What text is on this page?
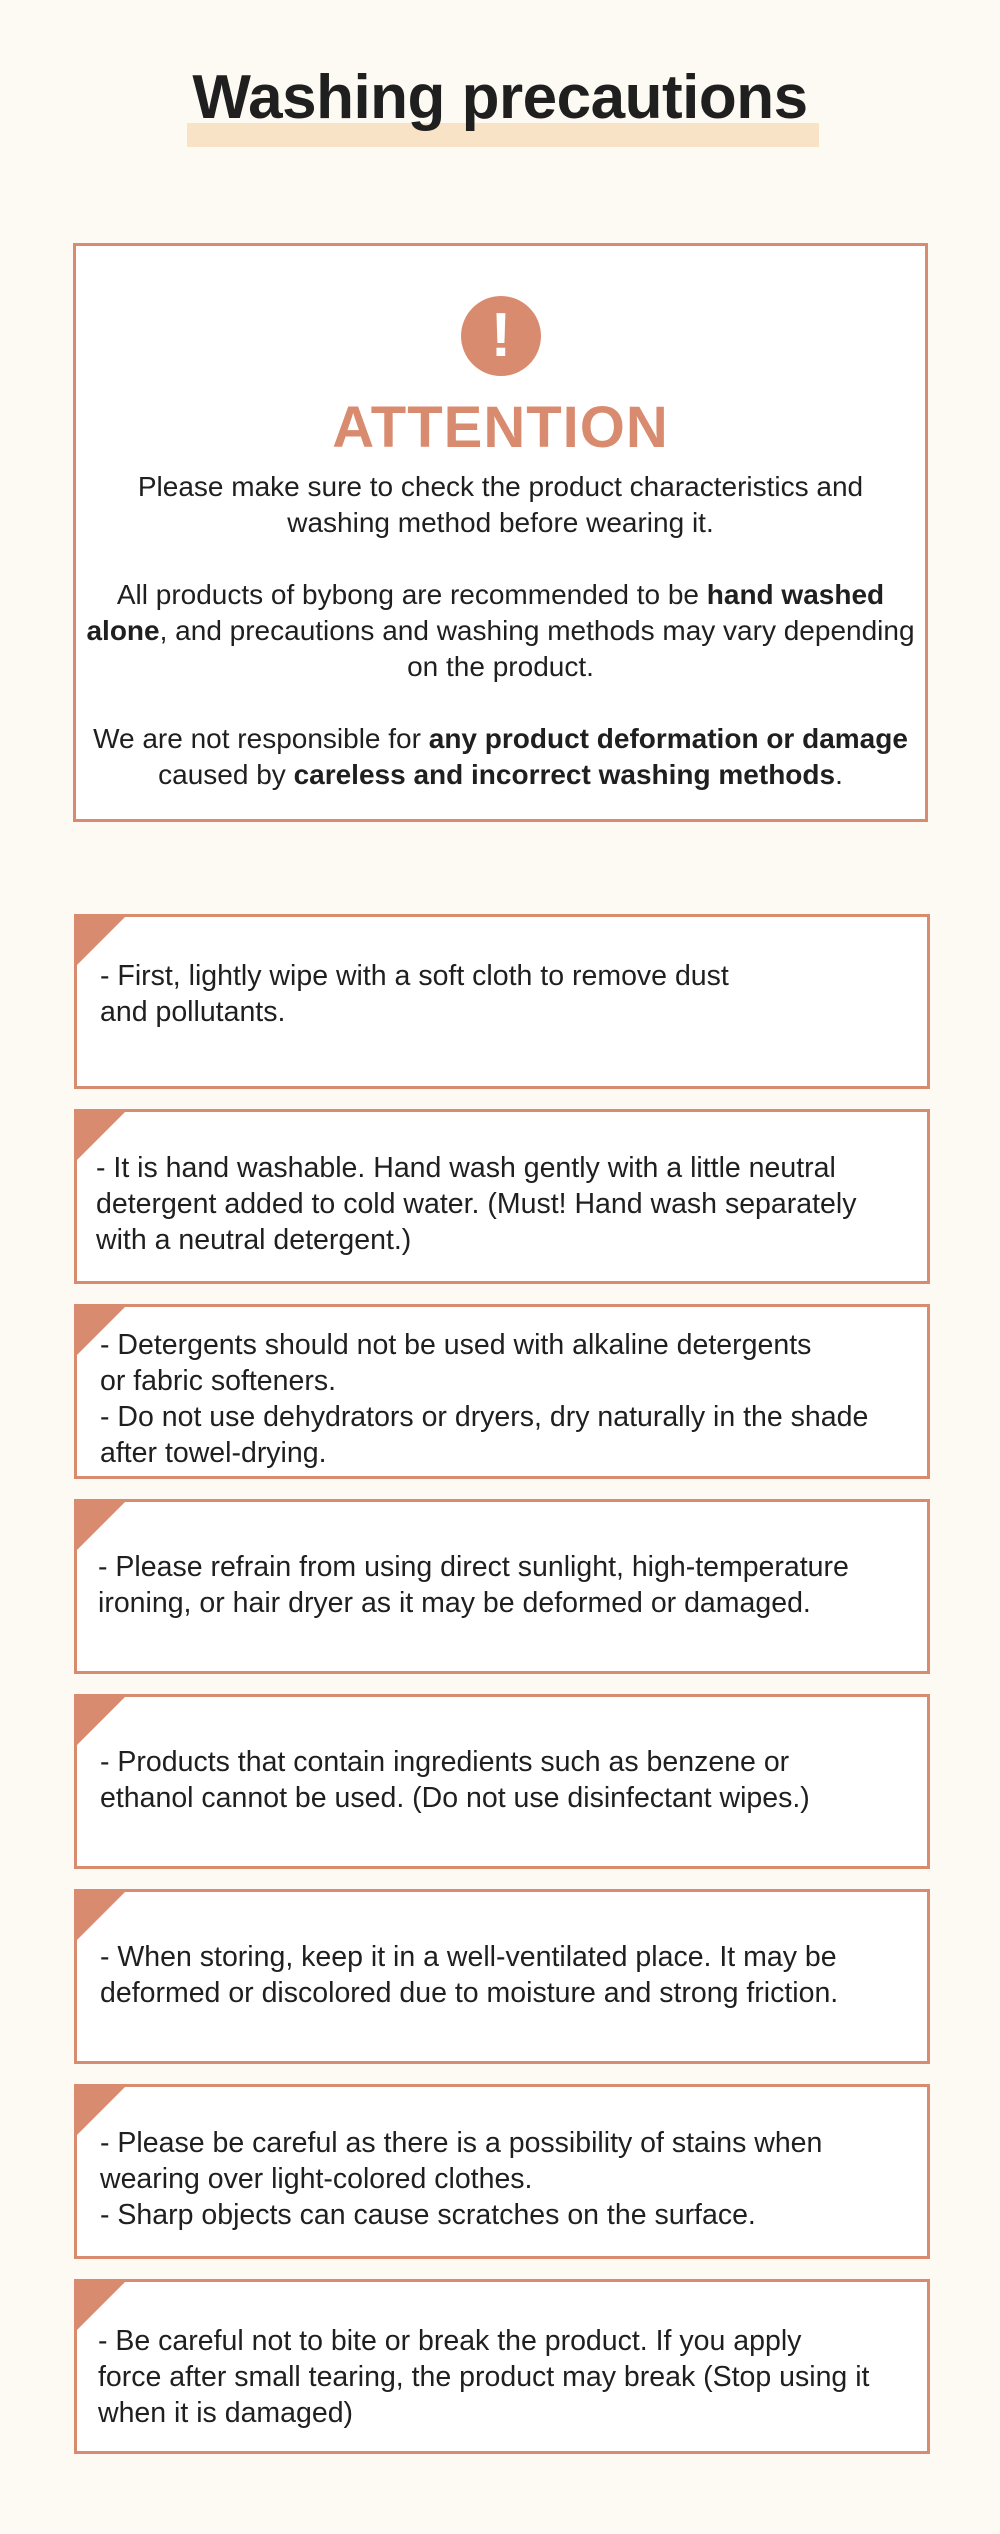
Washing precautions
!
ATTENTION

Please make sure to check the product characteristics and washing method before wearing it.

All products of bybong are recommended to be hand washed alone, and precautions and washing methods may vary depending on the product.

We are not responsible for any product deformation or damage caused by careless and incorrect washing methods.

- First, lightly wipe with a soft cloth to remove dust
and pollutants.
- It is hand washable. Hand wash gently with a little neutral
detergent added to cold water. (Must! Hand wash separately
with a neutral detergent.)
- Detergents should not be used with alkaline detergents
or fabric softeners.
- Do not use dehydrators or dryers, dry naturally in the shade
after towel-drying.
- Please refrain from using direct sunlight, high-temperature
ironing, or hair dryer as it may be deformed or damaged.
- Products that contain ingredients such as benzene or
ethanol cannot be used. (Do not use disinfectant wipes.)
- When storing, keep it in a well-ventilated place. It may be
deformed or discolored due to moisture and strong friction.
- Please be careful as there is a possibility of stains when
wearing over light-colored clothes.
- Sharp objects can cause scratches on the surface.
- Be careful not to bite or break the product. If you apply
force after small tearing, the product may break (Stop using it
when it is damaged)
